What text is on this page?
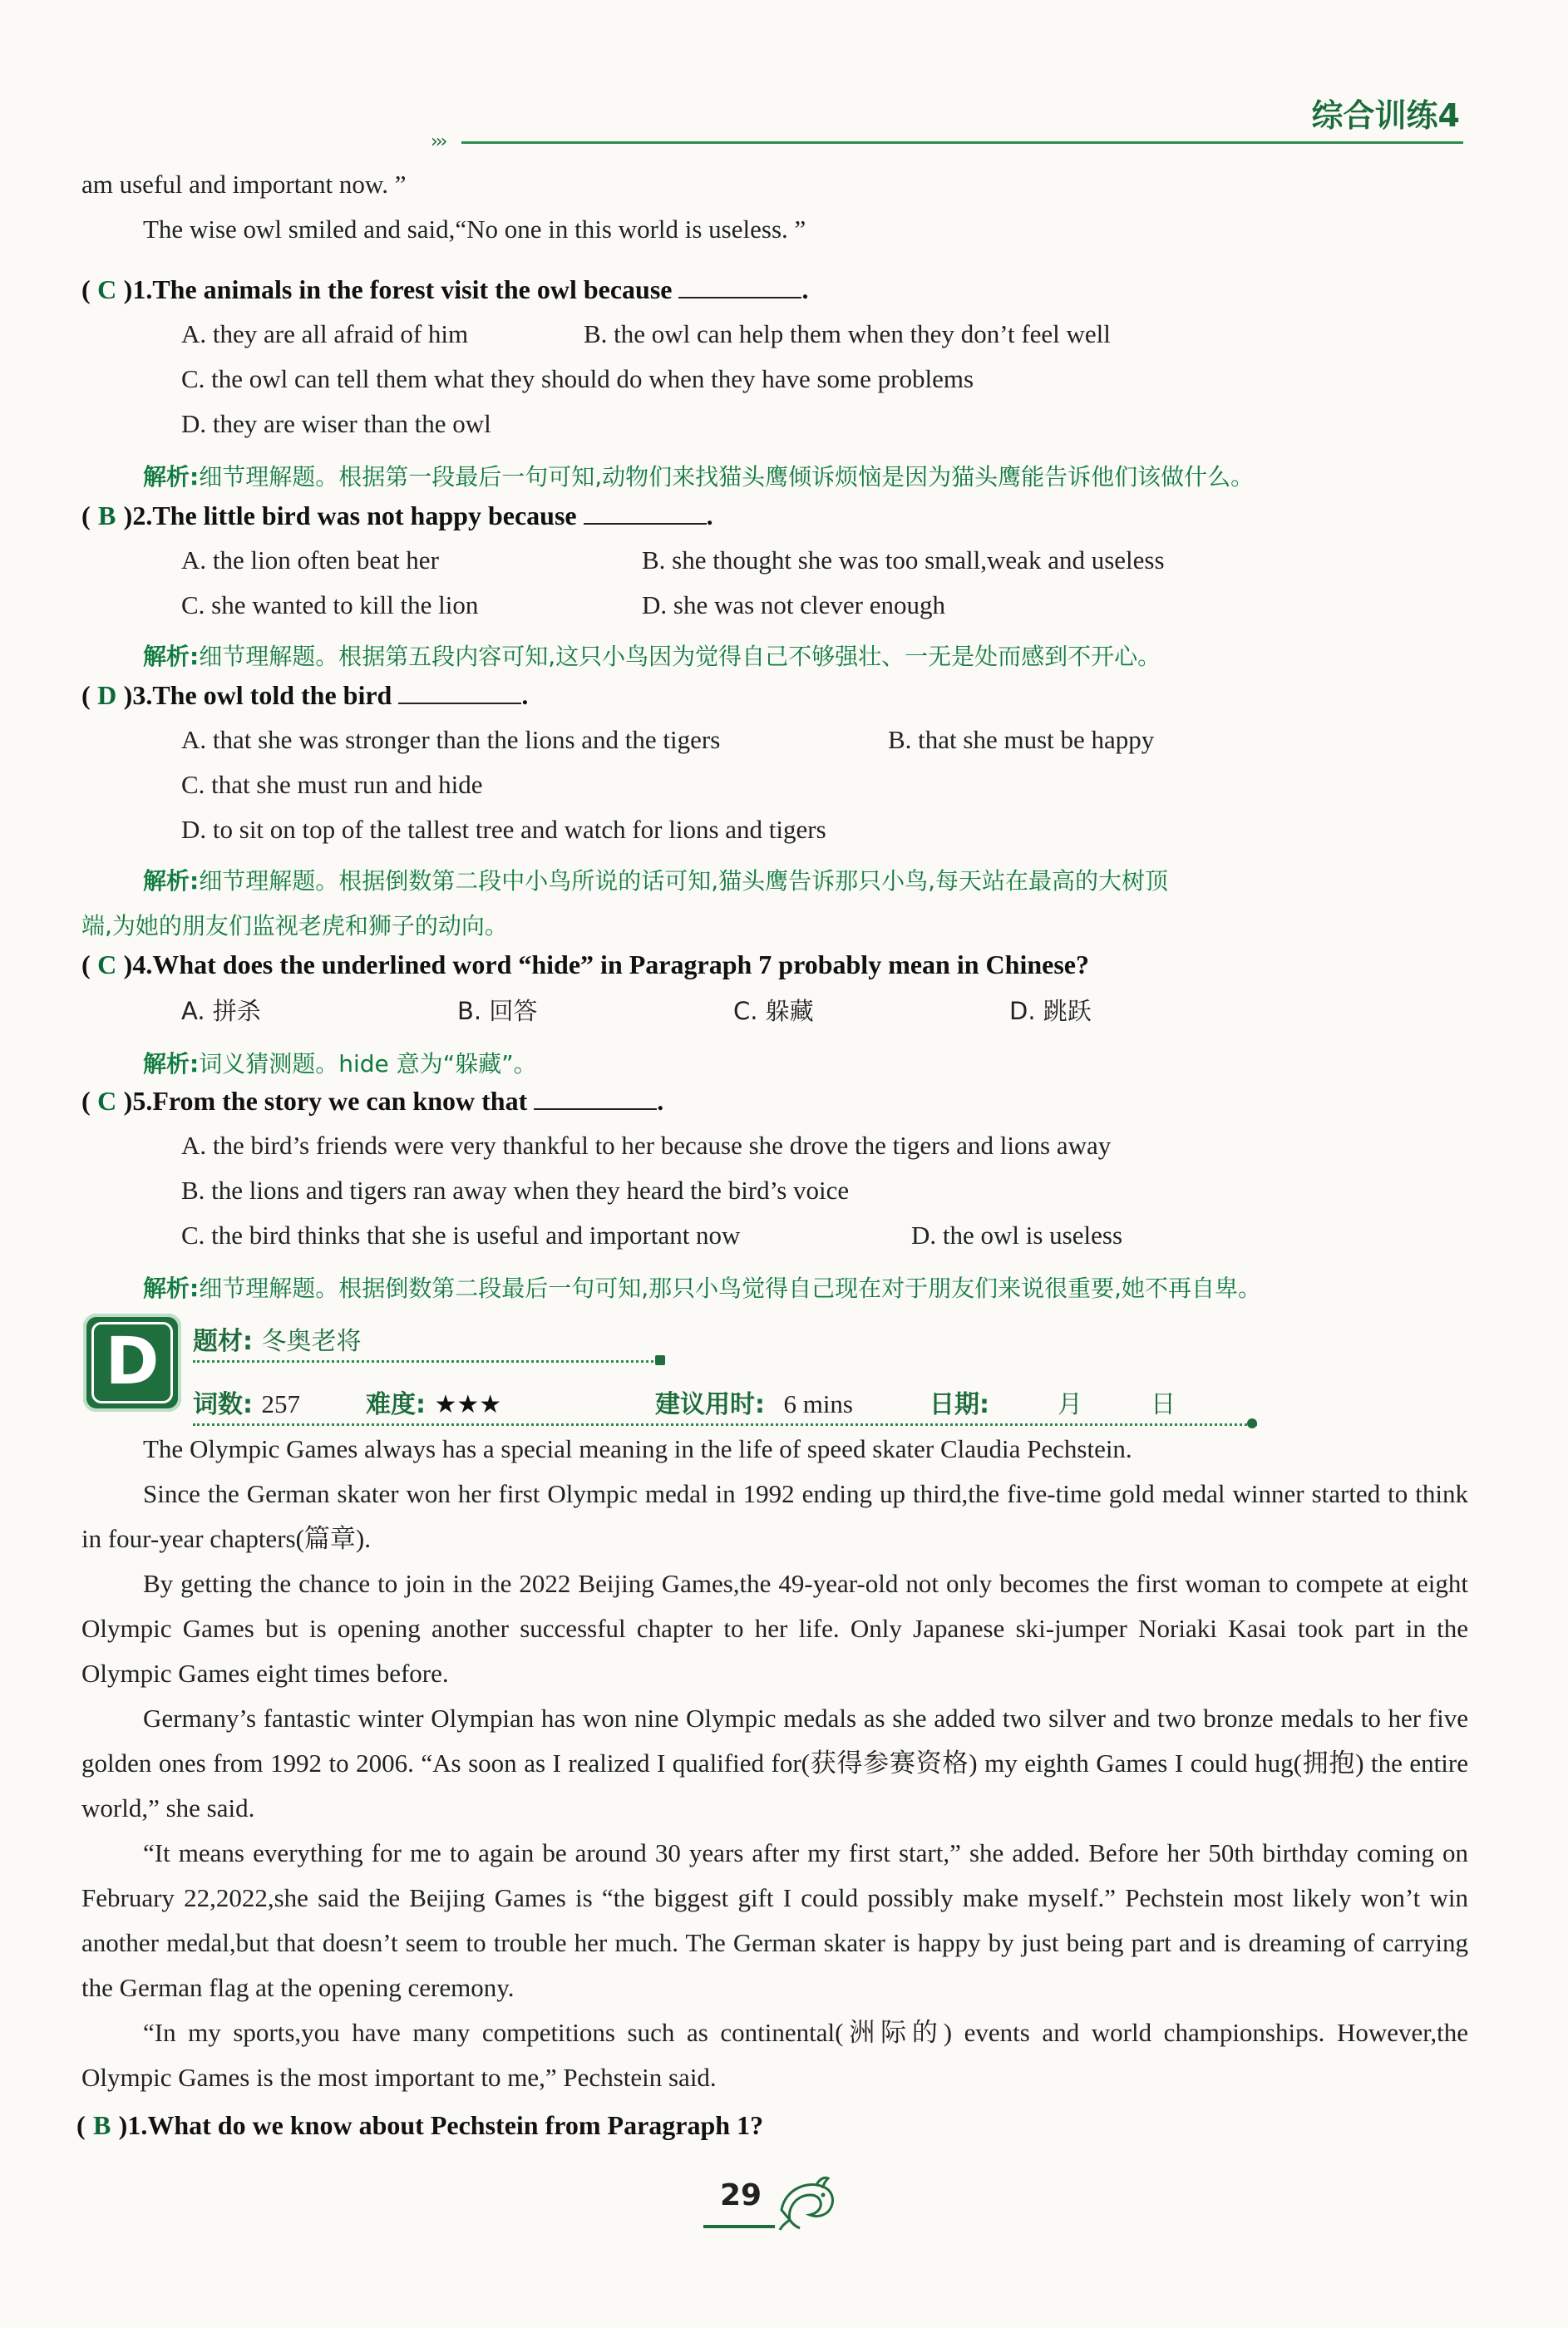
综合训练4
›››
am useful and important now. ”
The wise owl smiled and said,“No one in this world is useless. ”
( C )1.The animals in the forest visit the owl because	.
A. they are all afraid of him	B. the owl can help them when they don’t feel well
C. the owl can tell them what they should do when they have some problems
D. they are wiser than the owl
解析:细节理解题。根据第一段最后一句可知,动物们来找猫头鹰倾诉烦恼是因为猫头鹰能告诉他们该做什么。
( B )2.The little bird was not happy because	.
A. the lion often beat her	B. she thought she was too small,weak and useless
C. she wanted to kill the lion	D. she was not clever enough
解析:细节理解题。根据第五段内容可知,这只小鸟因为觉得自己不够强壮、一无是处而感到不开心。
( D )3.The owl told the bird	.
A. that she was stronger than the lions and the tigers	B. that she must be happy
C. that she must run and hide
D. to sit on top of the tallest tree and watch for lions and tigers
解析:细节理解题。根据倒数第二段中小鸟所说的话可知,猫头鹰告诉那只小鸟,每天站在最高的大树顶
端,为她的朋友们监视老虎和狮子的动向。
( C )4.What does the underlined word “hide” in Paragraph 7 probably mean in Chinese?
A. 拼杀	B. 回答	C. 躲藏	D. 跳跃
解析:词义猜测题。hide 意为“躲藏”。
( C )5.From the story we can know that	.
A. the bird’s friends were very thankful to her because she drove the tigers and lions away
B. the lions and tigers ran away when they heard the bird’s voice
C. the bird thinks that she is useful and important now	D. the owl is useless
解析:细节理解题。根据倒数第二段最后一句可知,那只小鸟觉得自己现在对于朋友们来说很重要,她不再自卑。
D	题材: 冬奥老将
词数: 257	难度: ★★★	建议用时: 6 mins	日期:	月	日

The Olympic Games always has a special meaning in the life of speed skater Claudia Pechstein.

Since the German skater won her first Olympic medal in 1992 ending up third,the five-time gold medal winner started to think in four-year chapters(篇章).

By getting the chance to join in the 2022 Beijing Games,the 49-year-old not only becomes the first woman to compete at eight Olympic Games but is opening another successful chapter to her life. Only Japanese ski-jumper Noriaki Kasai took part in the Olympic Games eight times before.

Germany’s fantastic winter Olympian has won nine Olympic medals as she added two silver and two bronze medals to her five golden ones from 1992 to 2006. “As soon as I realized I qualified for(获得参赛资格) my eighth Games I could hug(拥抱) the entire world,” she said.

“It means everything for me to again be around 30 years after my first start,” she added. Before her 50th birthday coming on February 22,2022,she said the Beijing Games is “the biggest gift I could possibly make myself.” Pechstein most likely won’t win another medal,but that doesn’t seem to trouble her much. The German skater is happy by just being part and is dreaming of carrying the German flag at the opening ceremony.

“In my sports,you have many competitions such as continental(洲际的) events and world championships. However,the Olympic Games is the most important to me,” Pechstein said.

( B )1.What do we know about Pechstein from Paragraph 1?
29
